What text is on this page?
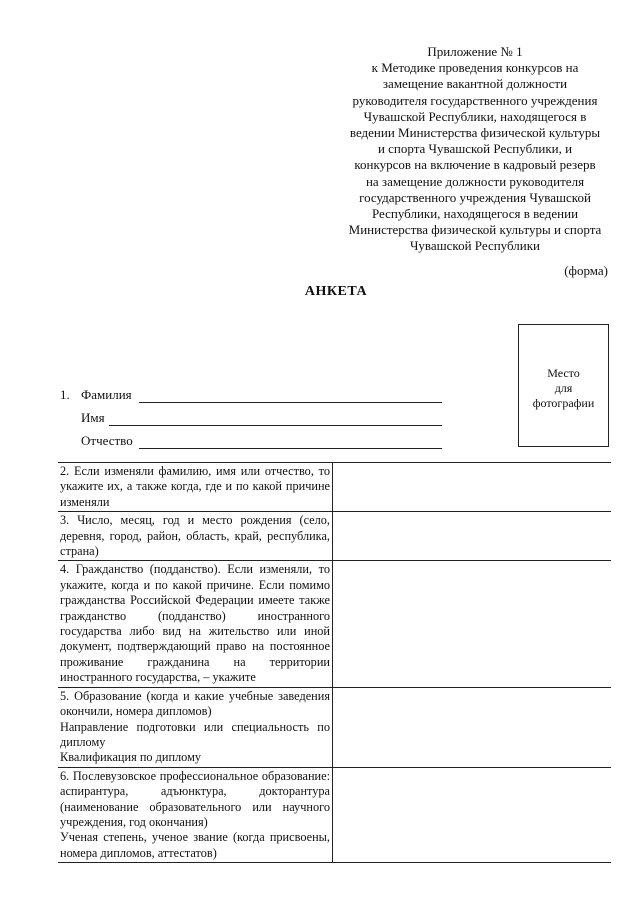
Приложение № 1
к Методике проведения конкурсов на
замещение вакантной должности
руководителя государственного учреждения
Чувашской Республики, находящегося в
ведении Министерства физической культуры
и спорта Чувашской Республики, и
конкурсов на включение в кадровый резерв
на замещение должности руководителя
государственного учреждения Чувашской
Республики, находящегося в ведении
Министерства физической культуры и спорта
Чувашской Республики
(форма)
АНКЕТА
Место
для
фотографии
1. Фамилия
Имя
Отчество
2. Если изменяли фамилию, имя или отчество, то укажите их, а также когда, где и по какой причине изменяли
3. Число, месяц, год и место рождения (село, деревня, город, район, область, край, республика, страна)
4. Гражданство (подданство). Если изменяли, то укажите, когда и по какой причине. Если помимо гражданства Российской Федерации имеете также гражданство (подданство) иностранного государства либо вид на жительство или иной документ, подтверждающий право на постоянное проживание гражданина на территории иностранного государства, – укажите
5. Образование (когда и какие учебные заведения окончили, номера дипломов)
Направление подготовки или специальность по диплому
Квалификация по диплому
6. Послевузовское профессиональное образование: аспирантура, адъюнктура, докторантура (наименование образовательного или научного учреждения, год окончания)
Ученая степень, ученое звание (когда присвоены, номера дипломов, аттестатов)
